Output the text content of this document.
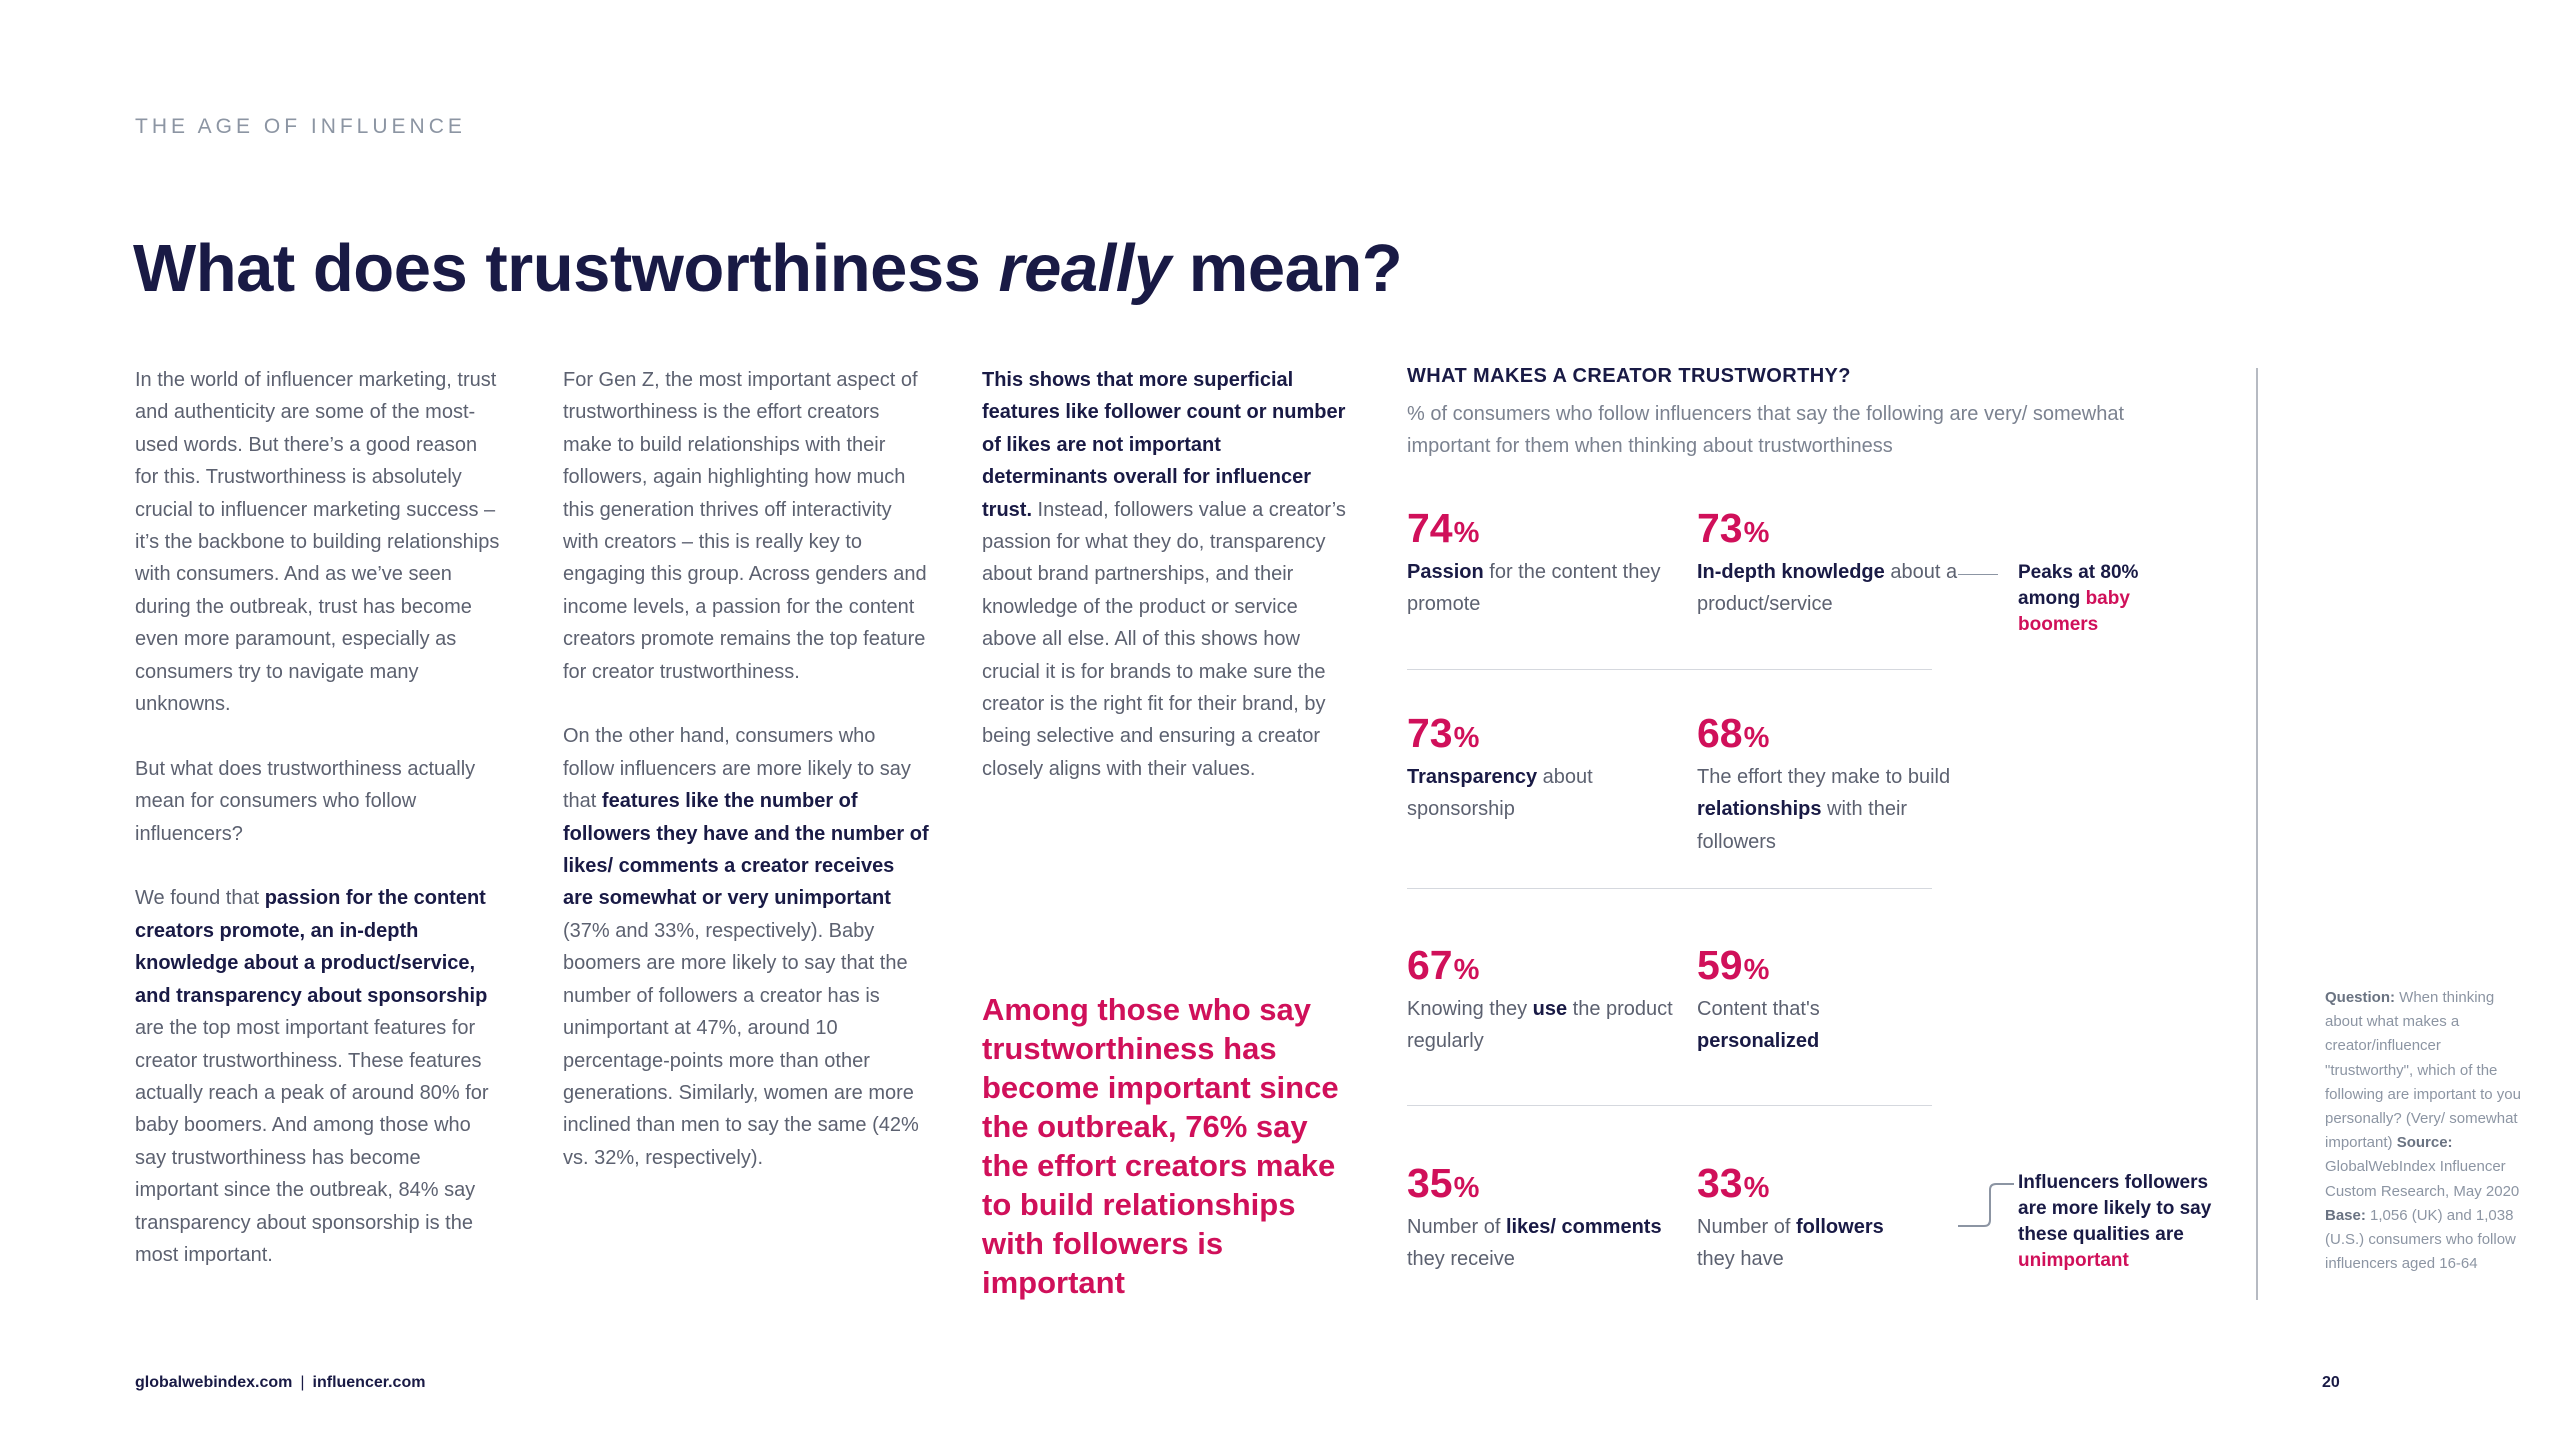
THE AGE OF INFLUENCE
What does trustworthiness really mean?

In the world of influencer marketing, trust and authenticity are some of the most-used words. But there’s a good reason for this. Trustworthiness is absolutely crucial to influencer marketing success – it’s the backbone to building relationships with consumers. And as we’ve seen during the outbreak, trust has become even more paramount, especially as consumers try to navigate many unknowns.

But what does trustworthiness actually mean for consumers who follow influencers?

We found that passion for the content creators promote, an in-depth knowledge about a product/service, and transparency about sponsorship are the top most important features for creator trustworthiness. These features actually reach a peak of around 80% for baby boomers. And among those who say trustworthiness has become important since the outbreak, 84% say transparency about sponsorship is the most important.

For Gen Z, the most important aspect of trustworthiness is the effort creators make to build relationships with their followers, again highlighting how much this generation thrives off interactivity with creators – this is really key to engaging this group. Across genders and income levels, a passion for the content creators promote remains the top feature for creator trustworthiness.

On the other hand, consumers who follow influencers are more likely to say that features like the number of followers they have and the number of likes/ comments a creator receives are somewhat or very unimportant (37% and 33%, respectively). Baby boomers are more likely to say that the number of followers a creator has is unimportant at 47%, around 10 percentage-points more than other generations. Similarly, women are more inclined than men to say the same (42% vs. 32%, respectively).

This shows that more superficial features like follower count or number of likes are not important determinants overall for influencer trust. Instead, followers value a creator’s passion for what they do, transparency about brand partnerships, and their knowledge of the product or service above all else. All of this shows how crucial it is for brands to make sure the creator is the right fit for their brand, by being selective and ensuring a creator closely aligns with their values.

Among those who say trustworthiness has become important since the outbreak, 76% say the effort creators make to build relationships with followers is important
WHAT MAKES A CREATOR TRUSTWORTHY?
% of consumers who follow influencers that say the following are very/ somewhat important for them when thinking about trustworthiness
74%
Passion for the content they promote
73%
In-depth knowledge about a product/service
73%
Transparency about sponsorship
68%
The effort they make to build relationships with their followers
67%
Knowing they use the product regularly
59%
Content that's
personalized
35%
Number of likes/ comments they receive
33%
Number of followers
they have
Peaks at 80% among baby boomers
Influencers followers are more likely to say these qualities are unimportant
Question: When thinking about what makes a creator/influencer "trustworthy", which of the following are important to you personally? (Very/ somewhat important) Source: GlobalWebIndex Influencer Custom Research, May 2020 Base: 1,056 (UK) and 1,038 (U.S.) consumers who follow influencers aged 16-64
globalwebindex.com | influencer.com	20
